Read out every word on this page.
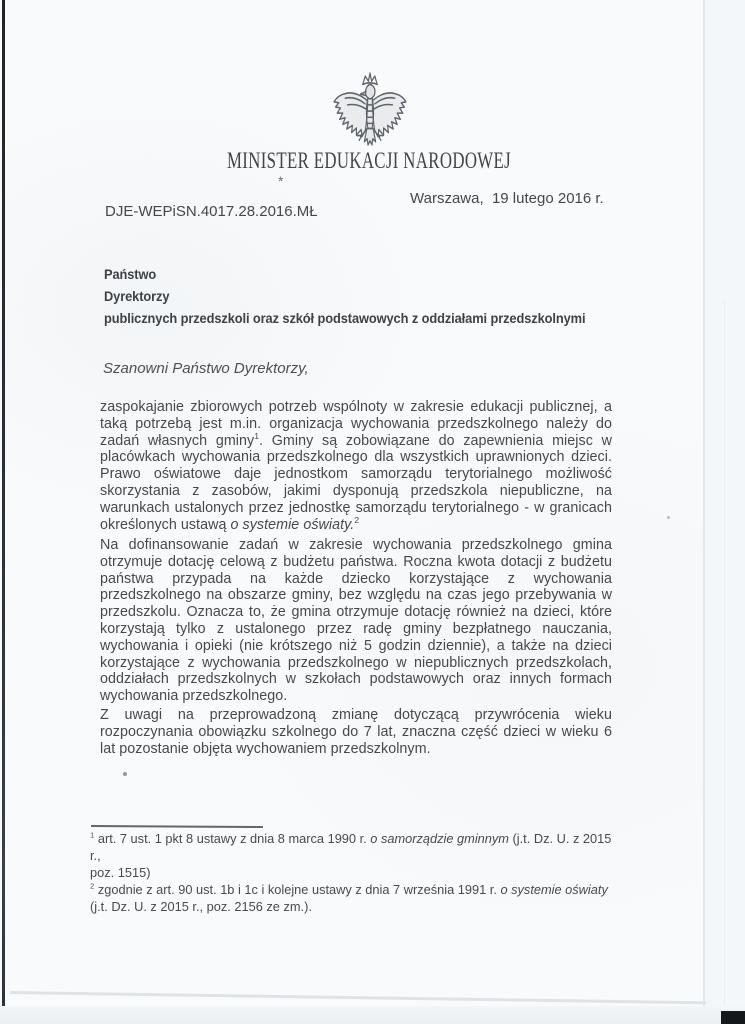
*
MINISTER EDUKACJI NARODOWEJ
Warszawa,  19 lutego 2016 r.
DJE-WEPiSN.4017.28.2016.MŁ
Państwo
Dyrektorzy
publicznych przedszkoli oraz szkół podstawowych z oddziałami przedszkolnymi
Szanowni Państwo Dyrektorzy,
zaspokajanie zbiorowych potrzeb wspólnoty w zakresie edukacji publicznej, a taką potrzebą jest m.in. organizacja wychowania przedszkolnego należy do zadań własnych gminy$^1$. Gminy są zobowiązane do zapewnienia miejsc w placówkach wychowania przedszkolnego dla wszystkich uprawnionych dzieci. Prawo oświatowe daje jednostkom samorządu terytorialnego możliwość skorzystania z zasobów, jakimi dysponują przedszkola niepubliczne, na warunkach ustalonych przez jednostkę samorządu terytorialnego - w granicach określonych ustawą o systemie oświaty.$^2$
Na dofinansowanie zadań w zakresie wychowania przedszkolnego gmina otrzymuje dotację celową z budżetu państwa. Roczna kwota dotacji z budżetu państwa przypada na każde dziecko korzystające z wychowania przedszkolnego na obszarze gminy, bez względu na czas jego przebywania w przedszkolu. Oznacza to, że gmina otrzymuje dotację również na dzieci, które korzystają tylko z ustalonego przez radę gminy bezpłatnego nauczania, wychowania i opieki (nie krótszego niż 5 godzin dziennie), a także na dzieci korzystające z wychowania przedszkolnego w niepublicznych przedszkolach, oddziałach przedszkolnych w szkołach podstawowych oraz innych formach wychowania przedszkolnego.
Z uwagi na przeprowadzoną zmianę dotyczącą przywrócenia wieku rozpoczynania obowiązku szkolnego do 7 lat, znaczna część dzieci w wieku 6 lat pozostanie objęta wychowaniem przedszkolnym.
$^1$ art. 7 ust. 1 pkt 8 ustawy z dnia 8 marca 1990 r. o samorządzie gminnym (j.t. Dz. U. z 2015 r.,
poz. 1515)
$^2$ zgodnie z art. 90 ust. 1b i 1c i kolejne ustawy z dnia 7 września 1991 r. o systemie oświaty
(j.t. Dz. U. z 2015 r., poz. 2156 ze zm.).
